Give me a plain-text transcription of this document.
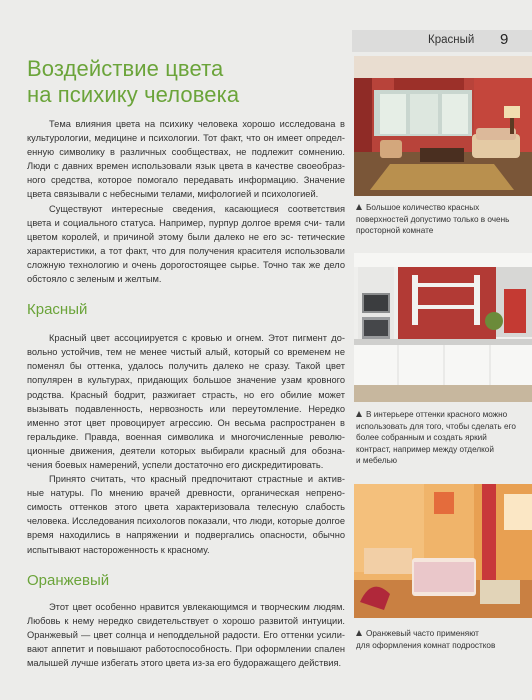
Красный 9
Воздействие цвета
на психику человека

Тема влияния цвета на психику человека хорошо исследована в культурологии, медицине и психологии. Тот факт, что он имеет определ- енную символику в различных сообществах, не подлежит сомнению. Люди с давних времен использовали язык цвета в качестве своеобраз- ного средства, которое помогало передавать информацию. Значение цвета связывали с небесными телами, мифологией и психологией.

Существуют интересные сведения, касающиеся соответствия цвета и социального статуса. Например, пурпур долгое время счи- тали цветом королей, и причиной этому были далеко не его эс- тетические характеристики, а тот факт, что для получения красителя использовали сложную технологию и очень дорогостоящее сырье. Точно так же дело обстояло с зеленым и желтым.

Красный

Красный цвет ассоциируется с кровью и огнем. Этот пигмент до- вольно устойчив, тем не менее чистый алый, который со временем не поменял бы оттенка, удалось получить далеко не сразу. Такой цвет популярен в культурах, придающих большое значение узам кровного родства. Красный бодрит, разжигает страсть, но его обилие может вызывать подавленность, нервозность или переутомление. Нередко именно этот цвет провоцирует агрессию. Он весьма распространен в геральдике. Правда, военная символика и многочисленные револю- ционные движения, деятели которых выбирали красный для обозна- чения боевых намерений, успели достаточно его дискредитировать.

Принято считать, что красный предпочитают страстные и актив- ные натуры. По мнению врачей древности, органическая непрено- симость оттенков этого цвета характеризовала телесную слабость человека. Исследования психологов показали, что люди, которые долгое время находились в напряжении и подвергались опасности, обычно испытывают настороженность к красному.

Оранжевый

Этот цвет особенно нравится увлекающимся и творческим людям. Любовь к нему нередко свидетельствует о хорошо развитой интуиции. Оранжевый — цвет солнца и неподдельной радости. Его оттенки усили- вают аппетит и повышают работоспособность. При оформлении спален малышей лучше избегать этого цвета из-за его будоражащего действия.

Большое количество красных
поверхностей допустимо только в очень
просторной комнате
В интерьере оттенки красного можно
использовать для того, чтобы сделать его
более собранным и создать яркий
контраст, например между отделкой
и мебелью
Оранжевый часто применяют
для оформления комнат подростков
